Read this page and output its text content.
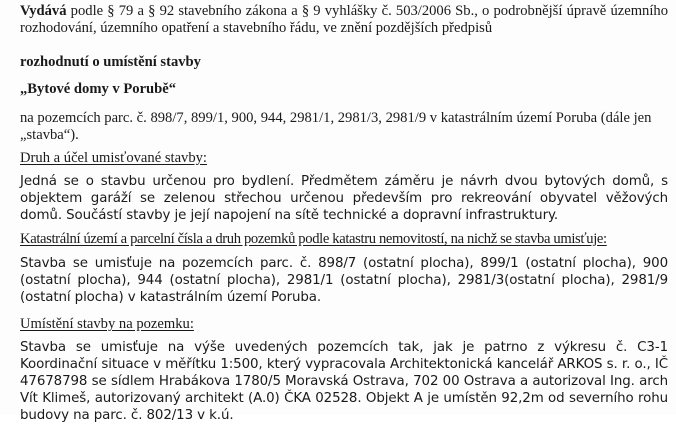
Vydává podle § 79 a § 92 stavebního zákona a § 9 vyhlášky č. 503/2006 Sb., o podrobnější úpravě územního rozhodování, územního opatření a stavebního řádu, ve znění pozdějších předpisů

rozhodnutí o umístění stavby

„Bytové domy v Porubě“

na pozemcích parc. č. 898/7, 899/1, 900, 944, 2981/1, 2981/3, 2981/9 v katastrálním území Poruba (dále jen „stavba“).

Druh a účel umisťované stavby:

Jedná se o stavbu určenou pro bydlení. Předmětem záměru je návrh dvou bytových domů, s objektem garáží se zelenou střechou určenou především pro rekreování obyvatel věžových domů. Součástí stavby je její napojení na sítě technické a dopravní infrastruktury.

Katastrální území a parcelní čísla a druh pozemků podle katastru nemovitostí, na nichž se stavba umisťuje:

Stavba se umisťuje na pozemcích parc. č. 898/7 (ostatní plocha), 899/1 (ostatní plocha), 900 (ostatní plocha), 944 (ostatní plocha), 2981/1 (ostatní plocha), 2981/3(ostatní plocha), 2981/9 (ostatní plocha) v katastrálním území Poruba.

Umístění stavby na pozemku:

Stavba se umisťuje na výše uvedených pozemcích tak, jak je patrno z výkresu č. C3-1 Koordinační situace v měřítku 1:500, který vypracovala Architektonická kancelář ARKOS s. r. o., IČ 47678798 se sídlem Hrabákova 1780/5 Moravská Ostrava, 702 00 Ostrava a autorizoval Ing. arch Vít Klimeš, autorizovaný architekt (A.0) ČKA 02528. Objekt A je umístěn 92,2m od severního rohu budovy na parc. č. 802/13 v k.ú.
